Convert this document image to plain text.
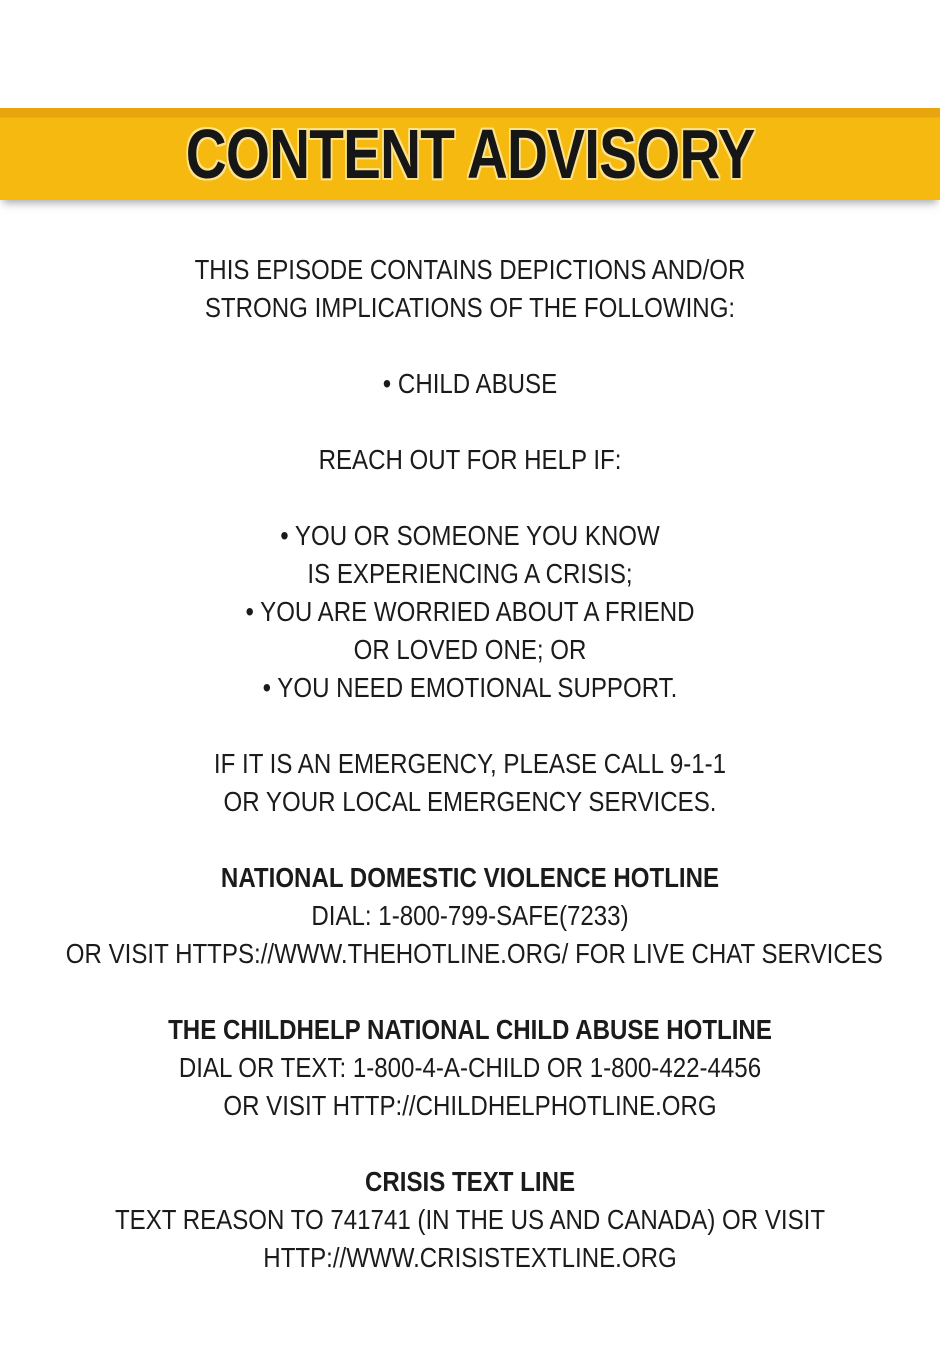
CONTENT ADVISORY
THIS EPISODE CONTAINS DEPICTIONS AND/OR
STRONG IMPLICATIONS OF THE FOLLOWING:
• CHILD ABUSE
REACH OUT FOR HELP IF:
• YOU OR SOMEONE YOU KNOW
IS EXPERIENCING A CRISIS;
• YOU ARE WORRIED ABOUT A FRIEND
OR LOVED ONE; OR
• YOU NEED EMOTIONAL SUPPORT.
IF IT IS AN EMERGENCY, PLEASE CALL 9-1-1
OR YOUR LOCAL EMERGENCY SERVICES.
NATIONAL DOMESTIC VIOLENCE HOTLINE
DIAL: 1-800-799-SAFE(7233)
OR VISIT HTTPS://WWW.THEHOTLINE.ORG/ FOR LIVE CHAT SERVICES
THE CHILDHELP NATIONAL CHILD ABUSE HOTLINE
DIAL OR TEXT: 1-800-4-A-CHILD OR 1-800-422-4456
OR VISIT HTTP://CHILDHELPHOTLINE.ORG
CRISIS TEXT LINE
TEXT REASON TO 741741 (IN THE US AND CANADA) OR VISIT
HTTP://WWW.CRISISTEXTLINE.ORG
